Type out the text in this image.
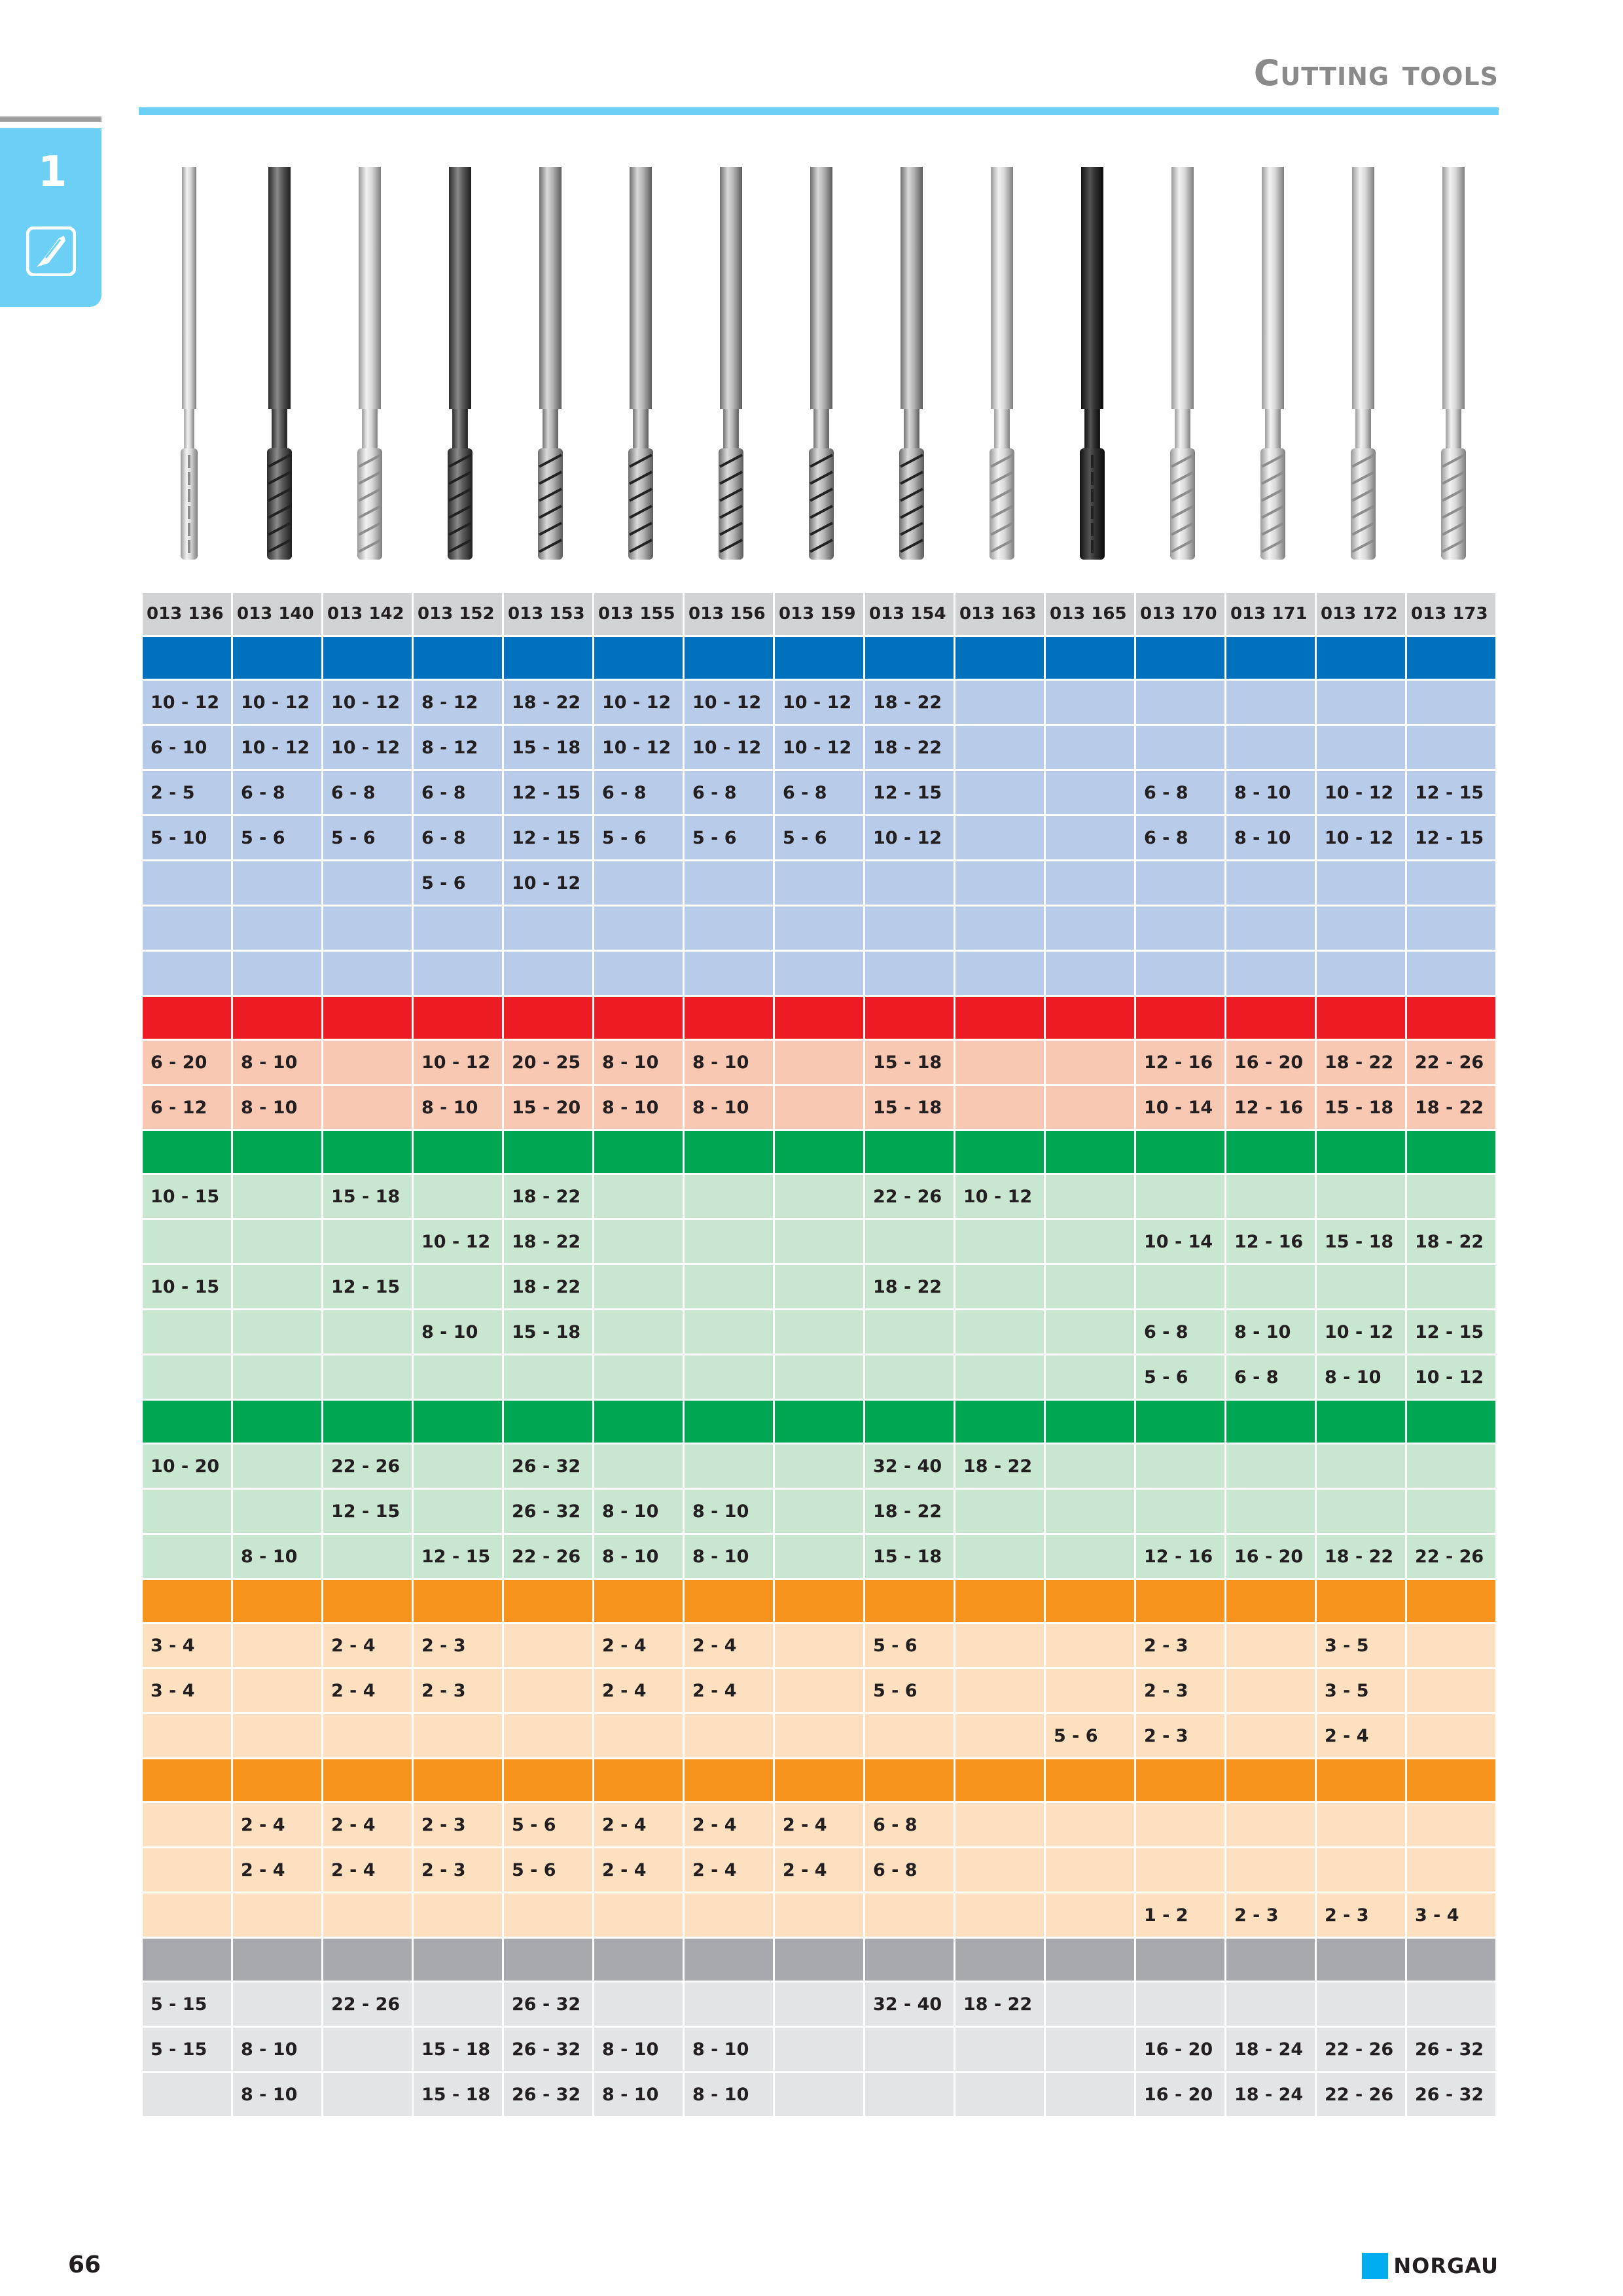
Cutting tools
1
013 136	013 140	013 142	013 152	013 153	013 155	013 156	013 159	013 154	013 163	013 165	013 170	013 171	013 172	013 173

10 - 12	10 - 12	10 - 12	8 - 12	18 - 22	10 - 12	10 - 12	10 - 12	18 - 22						
6 - 10	10 - 12	10 - 12	8 - 12	15 - 18	10 - 12	10 - 12	10 - 12	18 - 22						
2 - 5	6 - 8	6 - 8	6 - 8	12 - 15	6 - 8	6 - 8	6 - 8	12 - 15			6 - 8	8 - 10	10 - 12	12 - 15
5 - 10	5 - 6	5 - 6	6 - 8	12 - 15	5 - 6	5 - 6	5 - 6	10 - 12			6 - 8	8 - 10	10 - 12	12 - 15
			5 - 6	10 - 12										

6 - 20	8 - 10		10 - 12	20 - 25	8 - 10	8 - 10		15 - 18			12 - 16	16 - 20	18 - 22	22 - 26
6 - 12	8 - 10		8 - 10	15 - 20	8 - 10	8 - 10		15 - 18			10 - 14	12 - 16	15 - 18	18 - 22

10 - 15		15 - 18		18 - 22				22 - 26	10 - 12					
			10 - 12	18 - 22							10 - 14	12 - 16	15 - 18	18 - 22
10 - 15		12 - 15		18 - 22				18 - 22						
			8 - 10	15 - 18							6 - 8	8 - 10	10 - 12	12 - 15
											5 - 6	6 - 8	8 - 10	10 - 12

10 - 20		22 - 26		26 - 32				32 - 40	18 - 22					
		12 - 15		26 - 32	8 - 10	8 - 10		18 - 22						
	8 - 10		12 - 15	22 - 26	8 - 10	8 - 10		15 - 18			12 - 16	16 - 20	18 - 22	22 - 26

3 - 4		2 - 4	2 - 3		2 - 4	2 - 4		5 - 6			2 - 3		3 - 5	
3 - 4		2 - 4	2 - 3		2 - 4	2 - 4		5 - 6			2 - 3		3 - 5	
										5 - 6	2 - 3		2 - 4	

	2 - 4	2 - 4	2 - 3	5 - 6	2 - 4	2 - 4	2 - 4	6 - 8						
	2 - 4	2 - 4	2 - 3	5 - 6	2 - 4	2 - 4	2 - 4	6 - 8						
											1 - 2	2 - 3	2 - 3	3 - 4

5 - 15		22 - 26		26 - 32				32 - 40	18 - 22					
5 - 15	8 - 10		15 - 18	26 - 32	8 - 10	8 - 10					16 - 20	18 - 24	22 - 26	26 - 32
	8 - 10		15 - 18	26 - 32	8 - 10	8 - 10					16 - 20	18 - 24	22 - 26	26 - 32
66	NORGAU
